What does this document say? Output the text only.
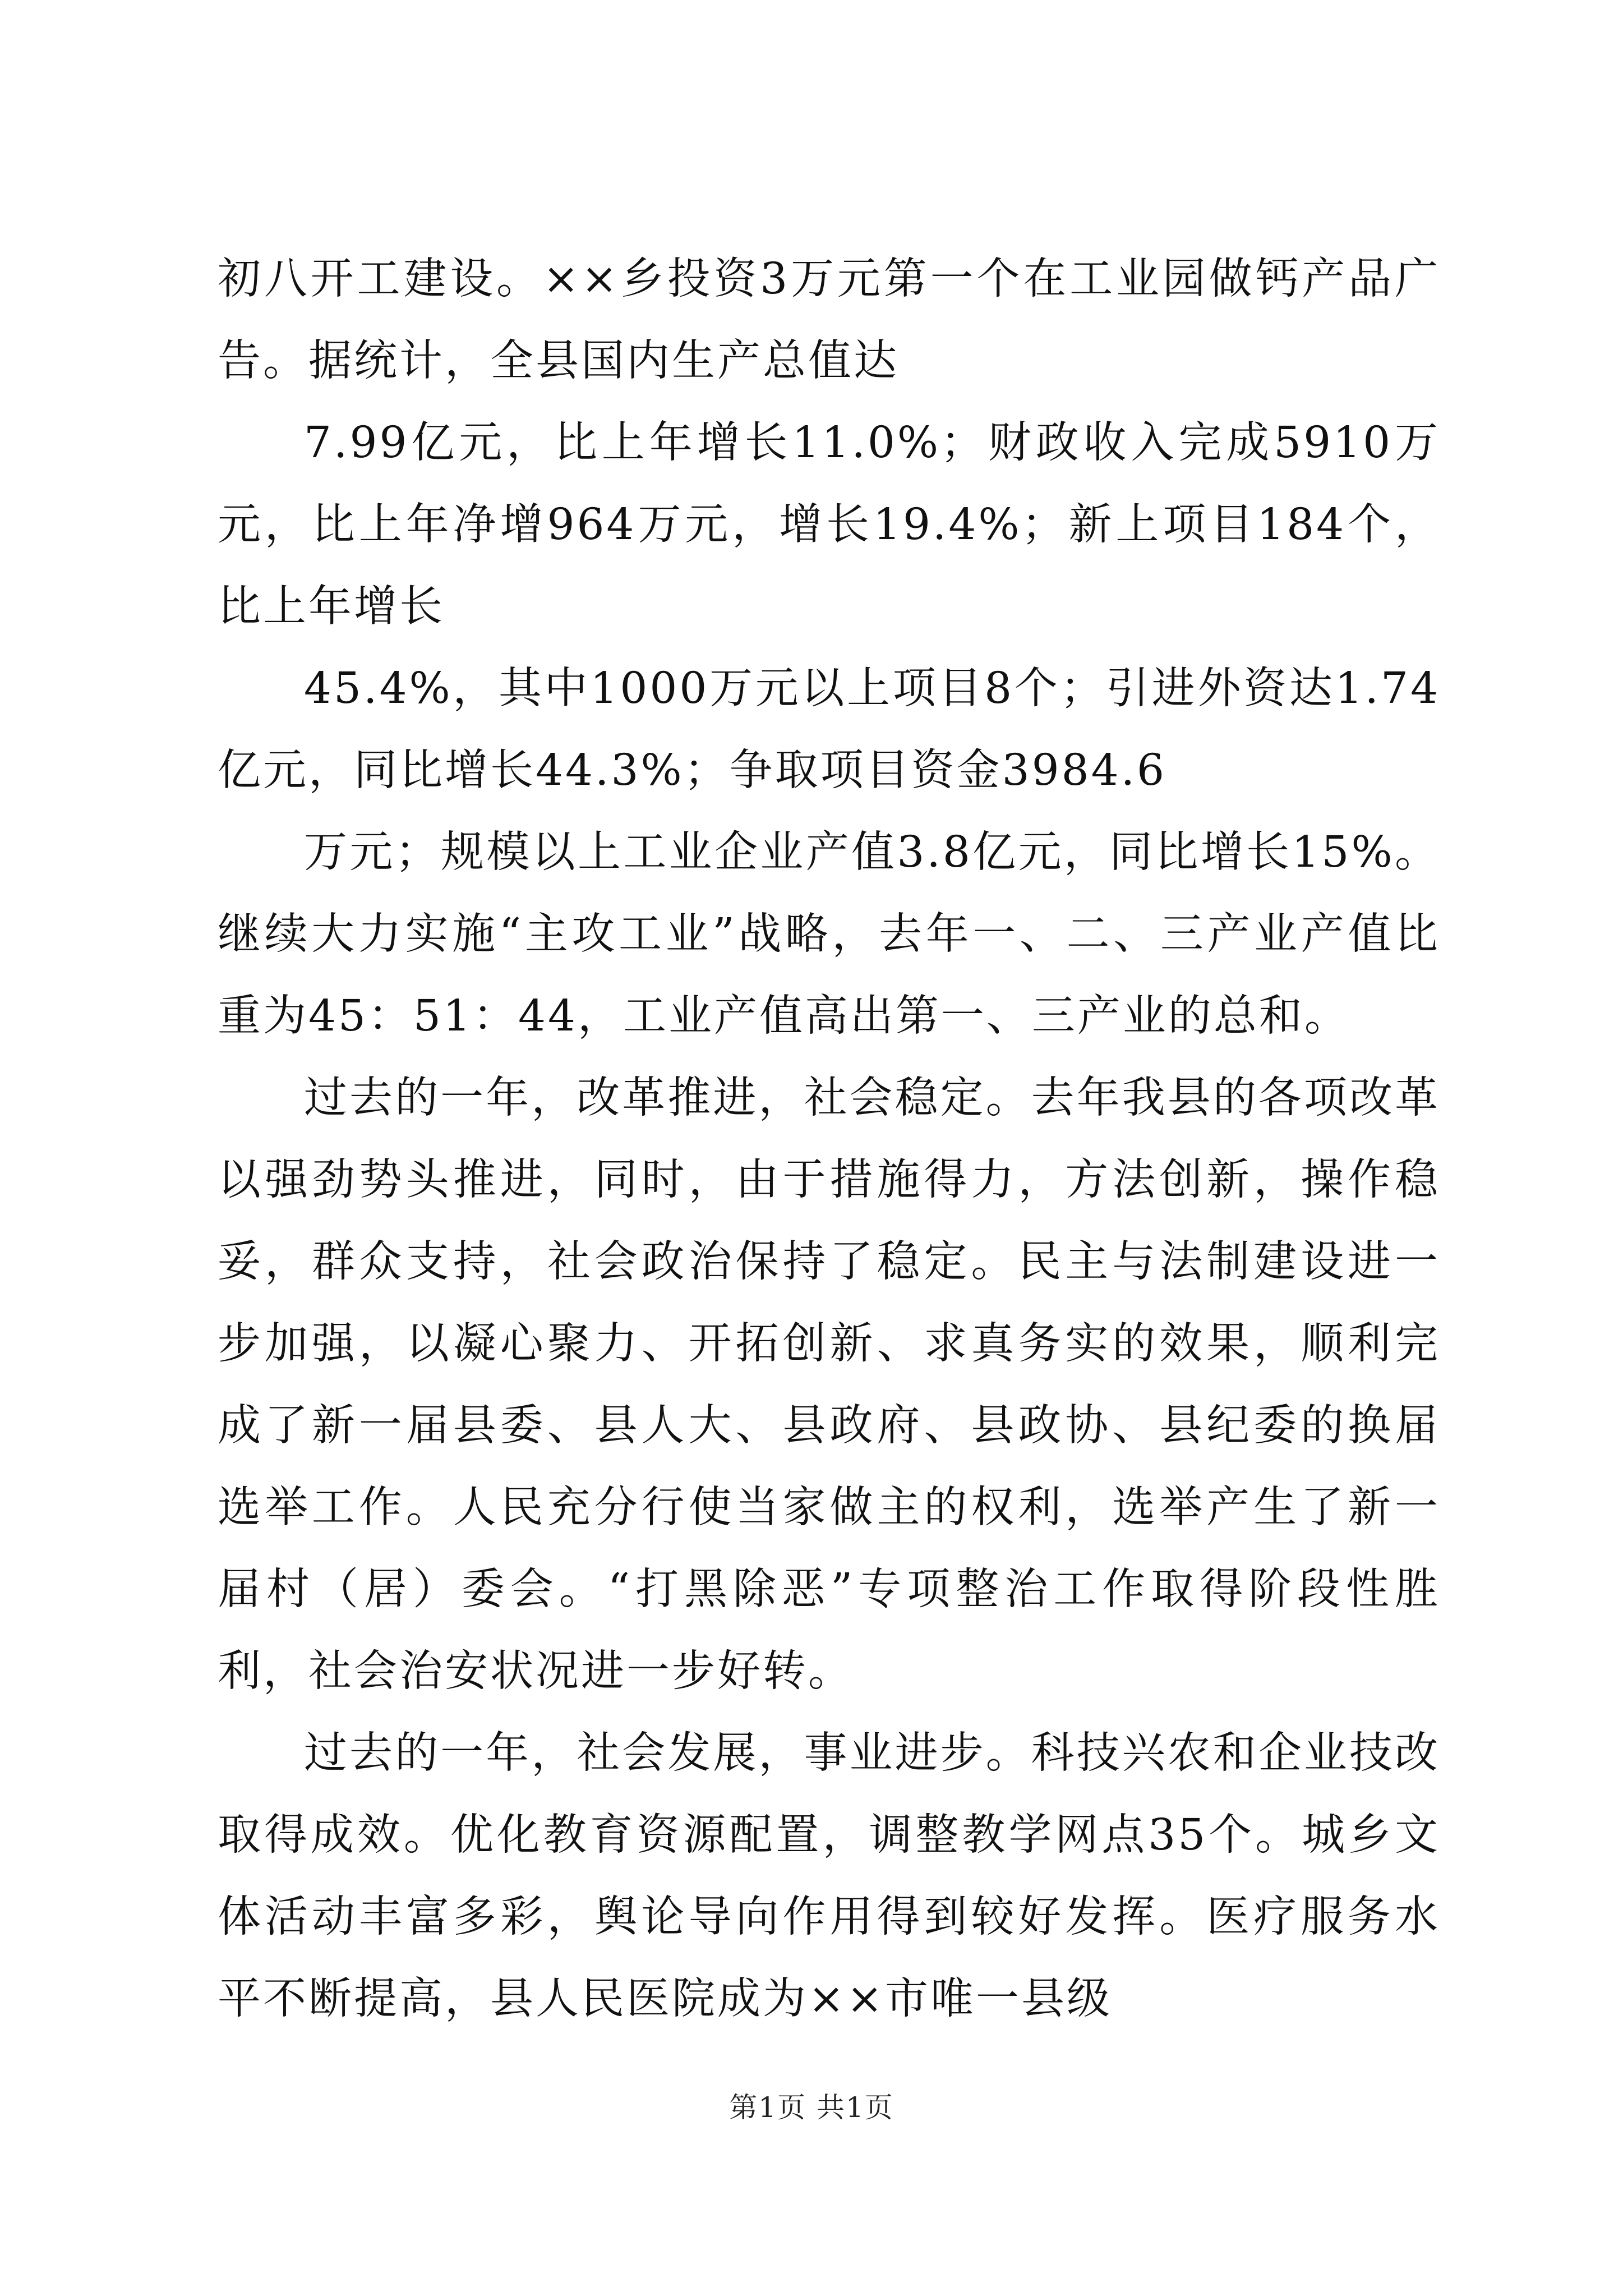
初八开工建设。××乡投资3万元第一个在工业园做钙产品广告。据统计，全县国内生产总值达

7.99亿元，比上年增长11.0%；财政收入完成5910万元，比上年净增964万元，增长19.4%；新上项目184个，比上年增长

45.4%，其中1000万元以上项目8个；引进外资达1.74亿元，同比增长44.3%；争取项目资金3984.6

万元；规模以上工业企业产值3.8亿元，同比增长15%。继续大力实施“主攻工业”战略，去年一、二、三产业产值比重为45：51：44，工业产值高出第一、三产业的总和。

过去的一年，改革推进，社会稳定。去年我县的各项改革以强劲势头推进，同时，由于措施得力，方法创新，操作稳妥，群众支持，社会政治保持了稳定。民主与法制建设进一步加强，以凝心聚力、开拓创新、求真务实的效果，顺利完成了新一届县委、县人大、县政府、县政协、县纪委的换届选举工作。人民充分行使当家做主的权利，选举产生了新一届村（居）委会。“打黑除恶”专项整治工作取得阶段性胜利，社会治安状况进一步好转。

过去的一年，社会发展，事业进步。科技兴农和企业技改取得成效。优化教育资源配置，调整教学网点35个。城乡文体活动丰富多彩，舆论导向作用得到较好发挥。医疗服务水平不断提高，县人民医院成为××市唯一县级

第1页 共1页
